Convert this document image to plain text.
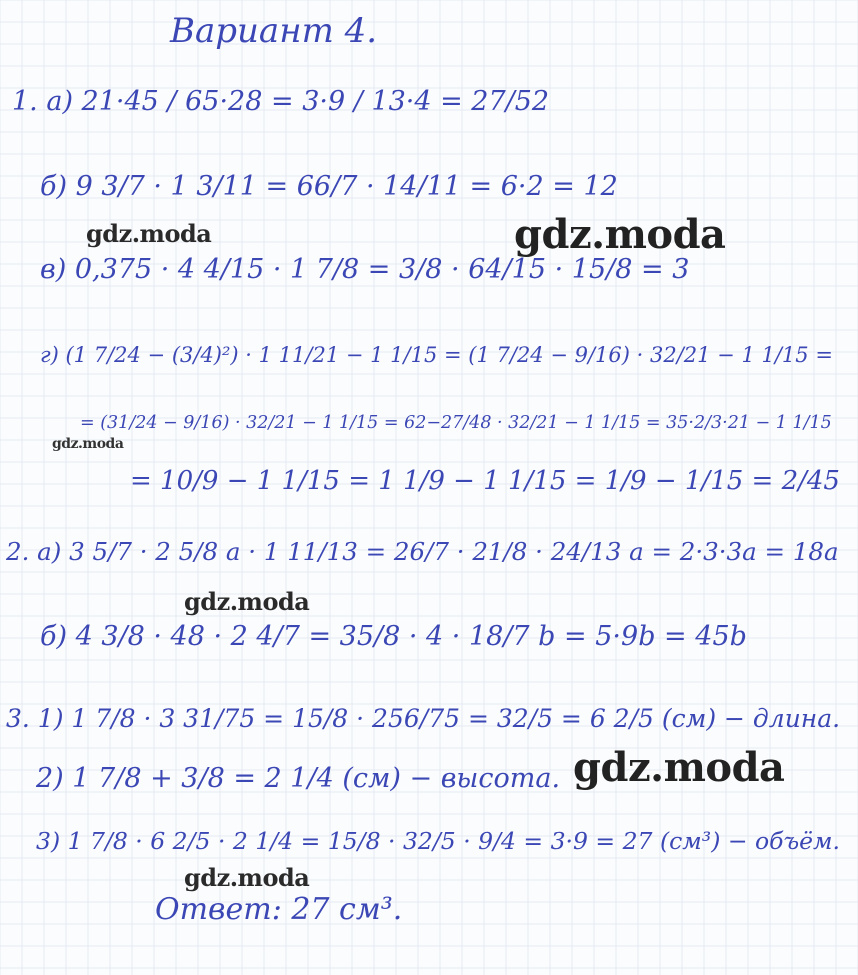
Вариант 4.
1. а) 21·45 / 65·28 = 3·9 / 13·4 = 27/52
б) 9 3/7 · 1 3/11 = 66/7 · 14/11 = 6·2 = 12
в) 0,375 · 4 4/15 · 1 7/8 = 3/8 · 64/15 · 15/8 = 3
г) (1 7/24 − (3/4)²) · 1 11/21 − 1 1/15 = (1 7/24 − 9/16) · 32/21 − 1 1/15 =
= (31/24 − 9/16) · 32/21 − 1 1/15 = 62−27/48 · 32/21 − 1 1/15 = 35·2/3·21 − 1 1/15
= 10/9 − 1 1/15 = 1 1/9 − 1 1/15 = 1/9 − 1/15 = 2/45
2. а) 3 5/7 · 2 5/8 a · 1 11/13 = 26/7 · 21/8 · 24/13 a = 2·3·3a = 18a
б) 4 3/8 · 48 · 2 4/7 = 35/8 · 4 · 18/7 b = 5·9b = 45b
3. 1) 1 7/8 · 3 31/75 = 15/8 · 256/75 = 32/5 = 6 2/5 (см) − длина.
2) 1 7/8 + 3/8 = 2 1/4 (см) − высота.
3) 1 7/8 · 6 2/5 · 2 1/4 = 15/8 · 32/5 · 9/4 = 3·9 = 27 (см³) − объём.
Ответ: 27 см³.
gdz.moda	gdz.moda
gdz.moda
gdz.moda
gdz.moda
gdz.moda
